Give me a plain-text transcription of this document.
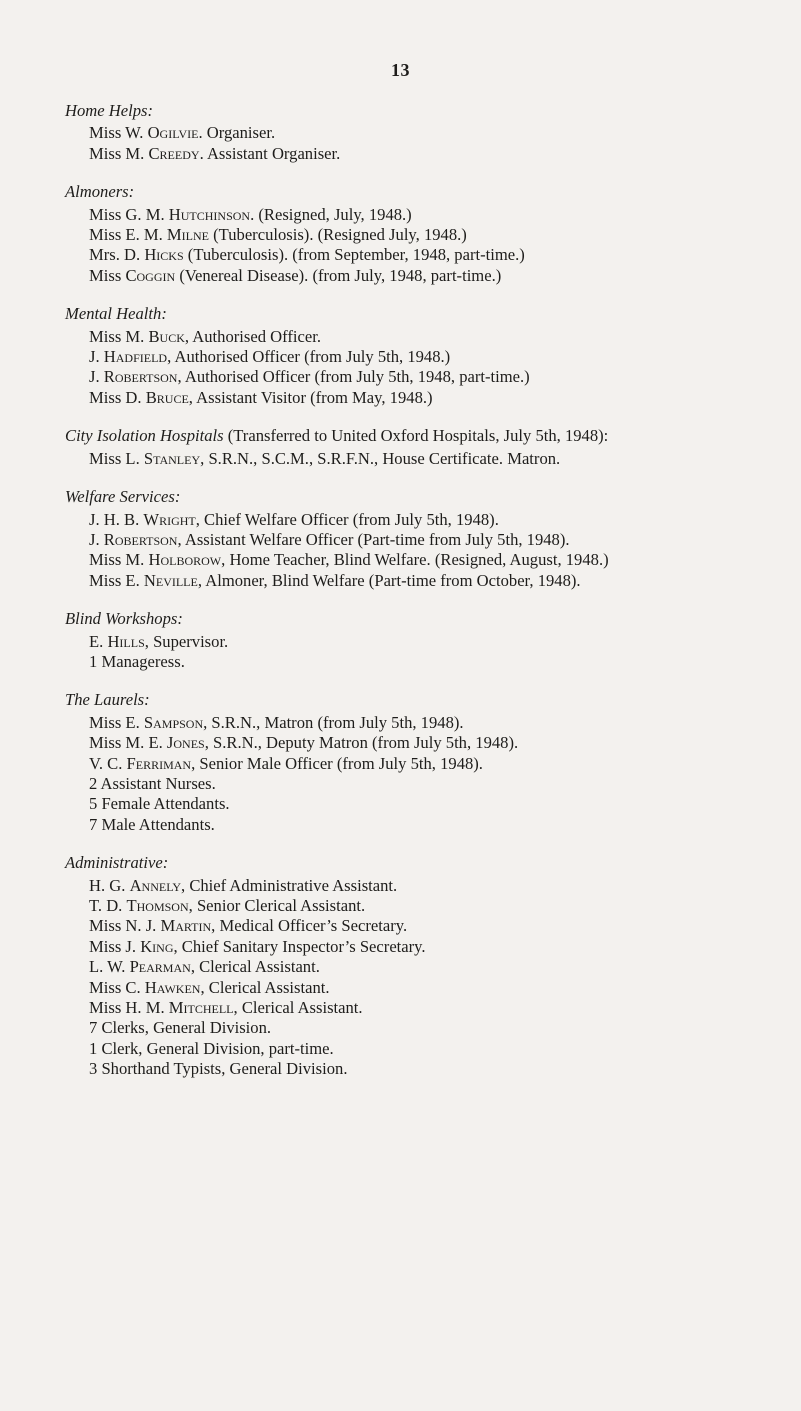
13
Home Helps:
Miss W. Ogilvie. Organiser.
Miss M. Creedy. Assistant Organiser.
Almoners:
Miss G. M. Hutchinson. (Resigned, July, 1948.)
Miss E. M. Milne (Tuberculosis). (Resigned July, 1948.)
Mrs. D. Hicks (Tuberculosis). (from September, 1948, part-time.)
Miss Coggin (Venereal Disease). (from July, 1948, part-time.)
Mental Health:
Miss M. Buck, Authorised Officer.
J. Hadfield, Authorised Officer (from July 5th, 1948.)
J. Robertson, Authorised Officer (from July 5th, 1948, part-time.)
Miss D. Bruce, Assistant Visitor (from May, 1948.)
City Isolation Hospitals (Transferred to United Oxford Hospitals, July 5th, 1948):
Miss L. Stanley, S.R.N., S.C.M., S.R.F.N., House Certificate. Matron.
Welfare Services:
J. H. B. Wright, Chief Welfare Officer (from July 5th, 1948).
J. Robertson, Assistant Welfare Officer (Part-time from July 5th, 1948).
Miss M. Holborow, Home Teacher, Blind Welfare. (Resigned, August, 1948.)
Miss E. Neville, Almoner, Blind Welfare (Part-time from October, 1948).
Blind Workshops:
E. Hills, Supervisor.
1 Manageress.
The Laurels:
Miss E. Sampson, S.R.N., Matron (from July 5th, 1948).
Miss M. E. Jones, S.R.N., Deputy Matron (from July 5th, 1948).
V. C. Ferriman, Senior Male Officer (from July 5th, 1948).
2 Assistant Nurses.
5 Female Attendants.
7 Male Attendants.
Administrative:
H. G. Annely, Chief Administrative Assistant.
T. D. Thomson, Senior Clerical Assistant.
Miss N. J. Martin, Medical Officer’s Secretary.
Miss J. King, Chief Sanitary Inspector’s Secretary.
L. W. Pearman, Clerical Assistant.
Miss C. Hawken, Clerical Assistant.
Miss H. M. Mitchell, Clerical Assistant.
7 Clerks, General Division.
1 Clerk, General Division, part-time.
3 Shorthand Typists, General Division.
